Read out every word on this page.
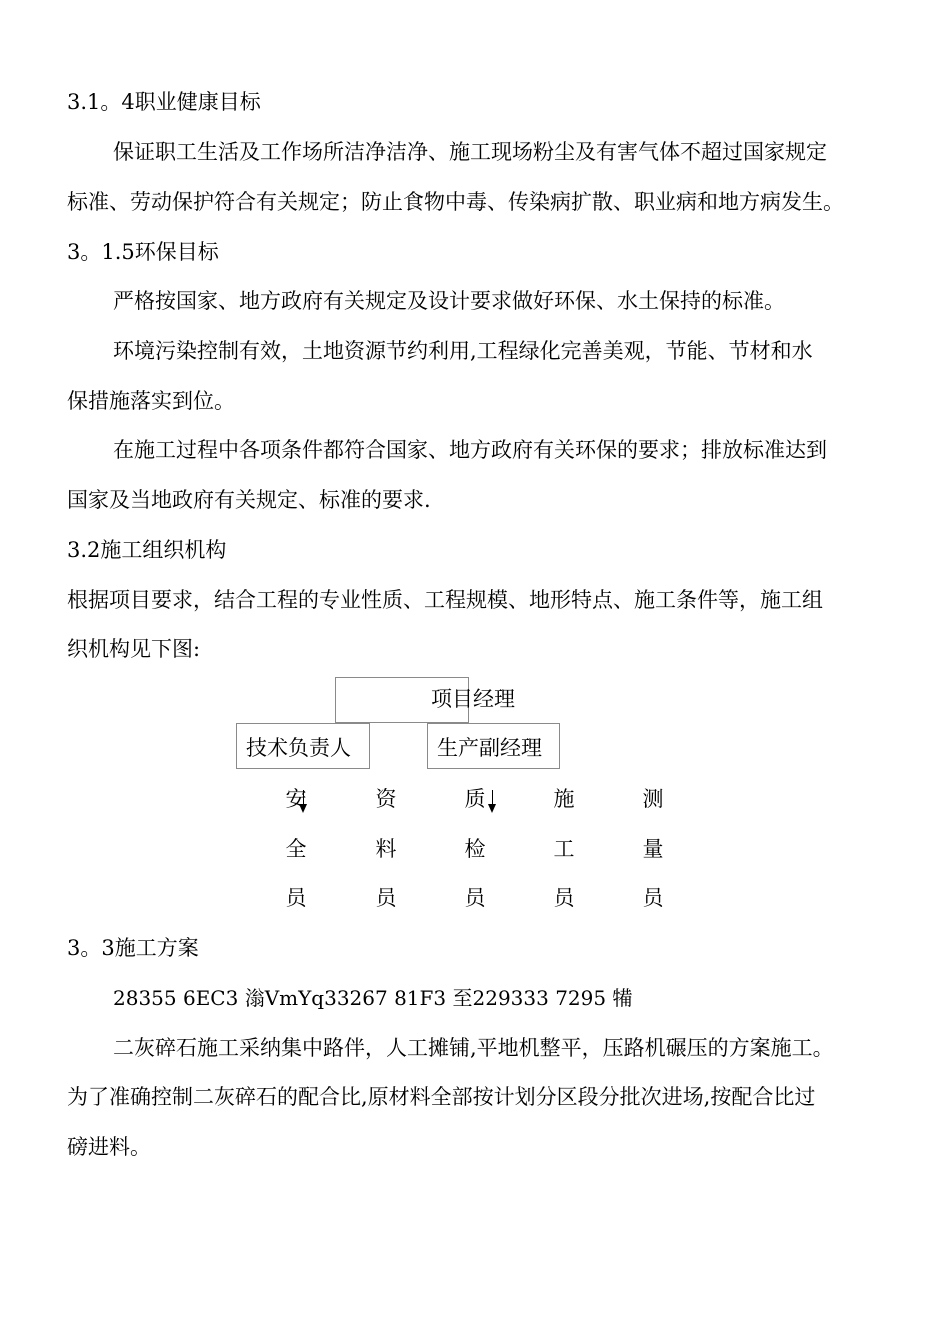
3.1。4职业健康目标
保证职工生活及工作场所洁净洁净、施工现场粉尘及有害气体不超过国家规定
标准、劳动保护符合有关规定；防止食物中毒、传染病扩散、职业病和地方病发生。
3。1.5环保目标
严格按国家、地方政府有关规定及设计要求做好环保、水土保持的标准。
环境污染控制有效，土地资源节约利用,工程绿化完善美观，节能、节材和水
保措施落实到位。
在施工过程中各项条件都符合国家、地方政府有关环保的要求；排放标准达到
国家及当地政府有关规定、标准的要求.
3.2施工组织机构
根据项目要求，结合工程的专业性质、工程规模、地形特点、施工条件等，施工组
织机构见下图:
项目经理
技术负责人	生产副经理
安
全
员
资
料
员
质
检
员
施
工
员
测
量
员
3。3施工方案
28355 6EC3 滃VmYq33267 81F3 至229333 7295 犕
二灰碎石施工采纳集中路伴，人工摊铺,平地机整平，压路机碾压的方案施工。
为了准确控制二灰碎石的配合比,原材料全部按计划分区段分批次进场,按配合比过
磅进料。
